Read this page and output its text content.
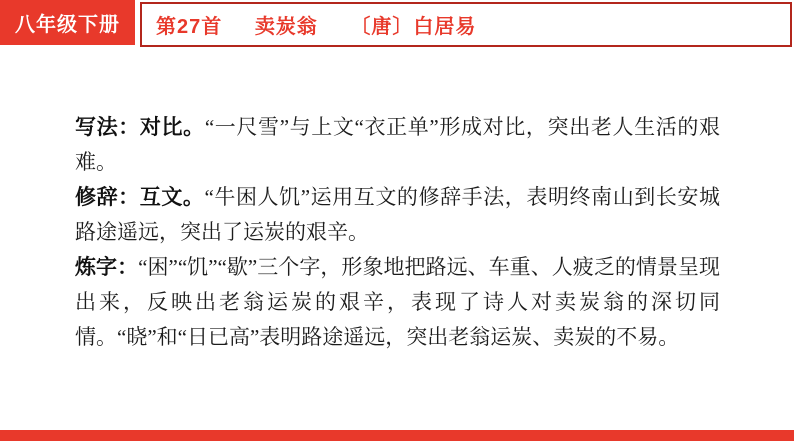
第27首 卖炭翁 〔唐〕白居易
八年级下册

写法：对比。“一尺雪”与上文“衣正单”形成对比，突出老人生活的艰难。

修辞：互文。“牛困人饥”运用互文的修辞手法，表明终南山到长安城路途遥远，突出了运炭的艰辛。

炼字：“困”“饥”“歇”三个字，形象地把路远、车重、人疲乏的情景呈现出来，反映出老翁运炭的艰辛，表现了诗人对卖炭翁的深切同情。“晓”和“日已高”表明路途遥远，突出老翁运炭、卖炭的不易。
